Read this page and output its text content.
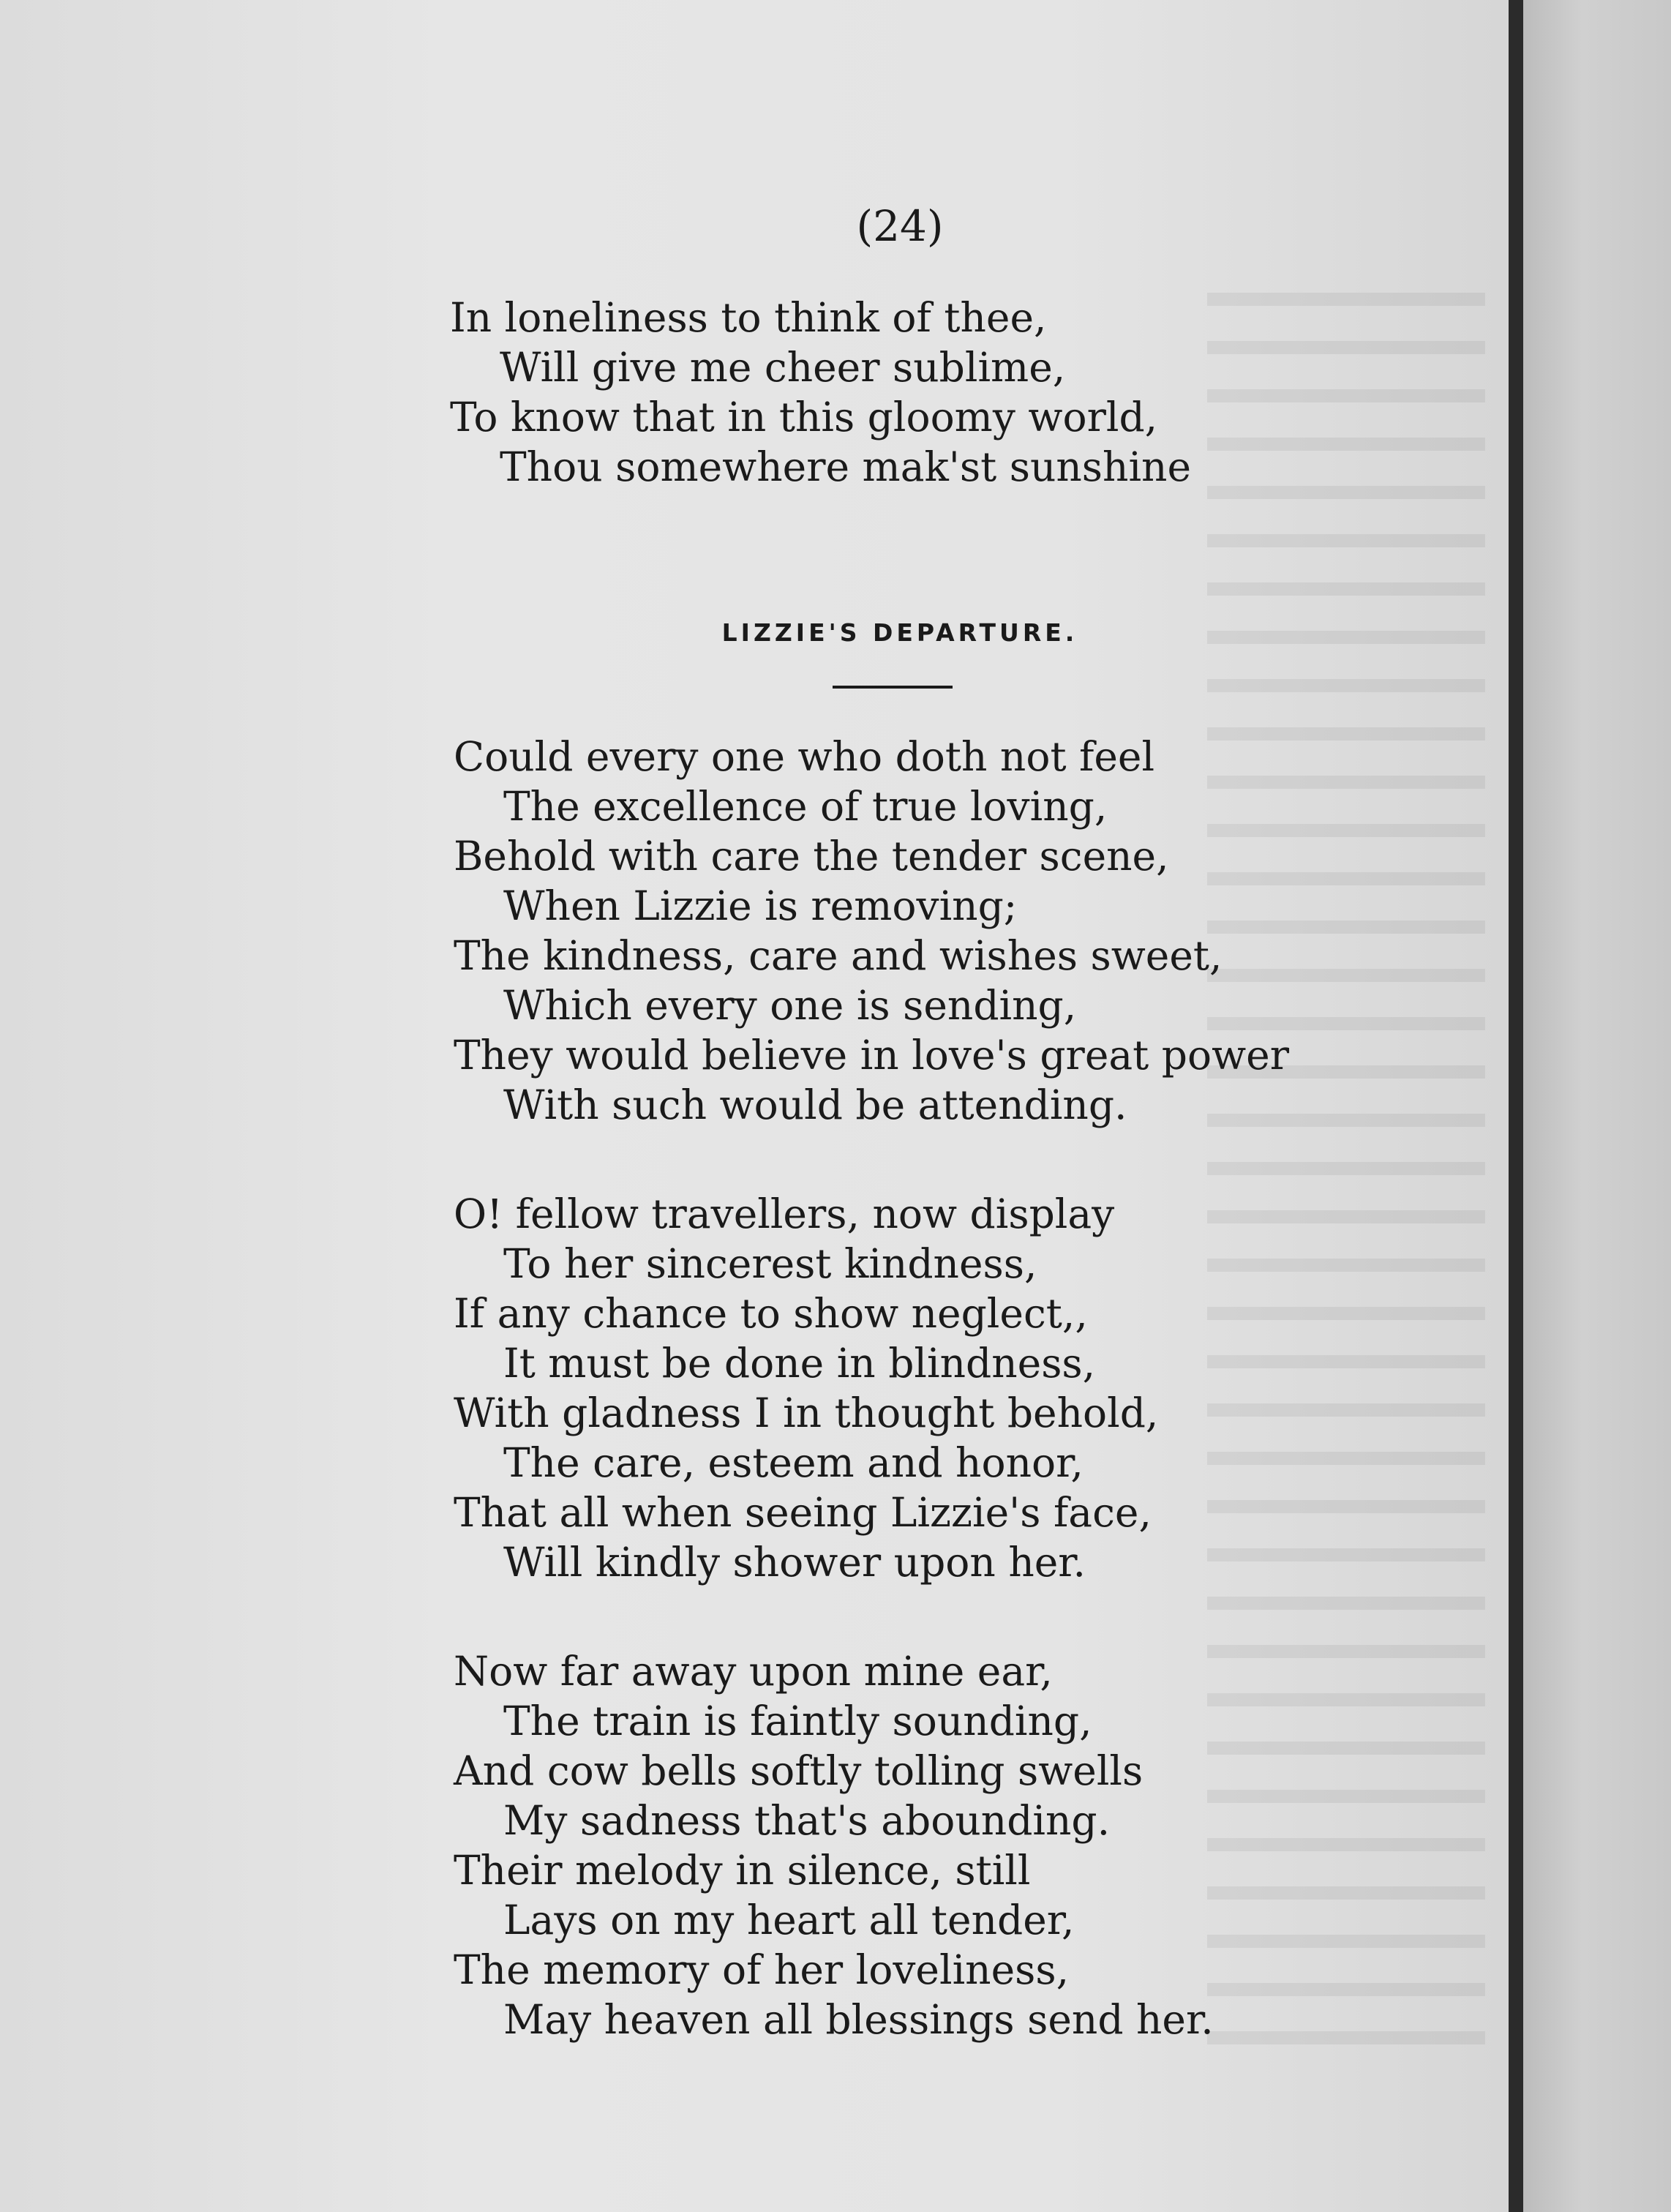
(24)
In loneliness to think of thee,
Will give me cheer sublime,
To know that in this gloomy world,
Thou somewhere mak'st sunshine
LIZZIE'S DEPARTURE.
Could every one who doth not feel
The excellence of true loving,
Behold with care the tender scene,
When Lizzie is removing;
The kindness, care and wishes sweet,
Which every one is sending,
They would believe in love's great power
With such would be attending.
O! fellow travellers, now display
To her sincerest kindness,
If any chance to show neglect,,
It must be done in blindness,
With gladness I in thought behold,
The care, esteem and honor,
That all when seeing Lizzie's face,
Will kindly shower upon her.
Now far away upon mine ear,
The train is faintly sounding,
And cow bells softly tolling swells
My sadness that's abounding.
Their melody in silence, still
Lays on my heart all tender,
The memory of her loveliness,
May heaven all blessings send her.
